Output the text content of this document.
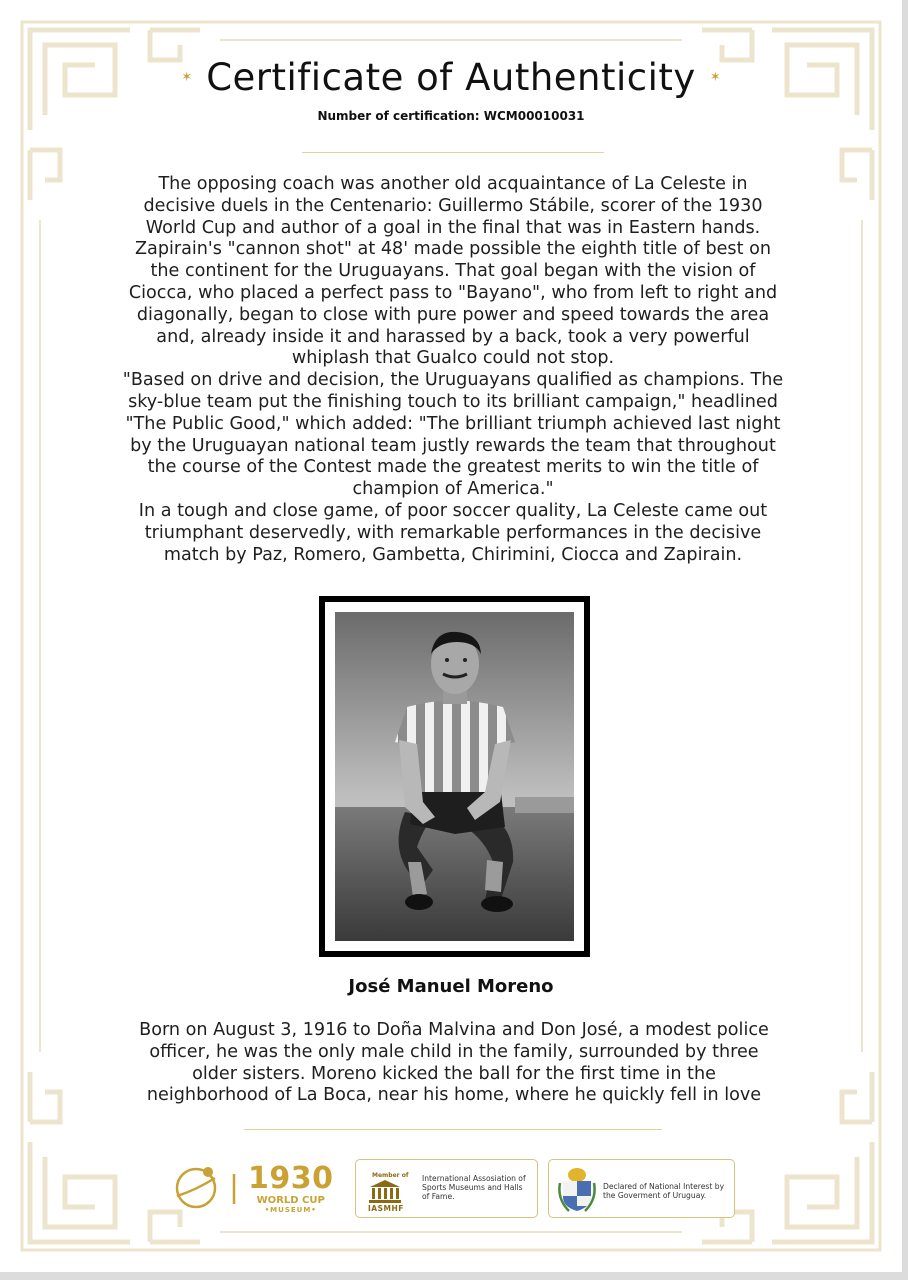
✶ Certificate of Authenticity ✶
Number of certification: WCM00010031

The opposing coach was another old acquaintance of La Celeste in decisive duels in the Centenario: Guillermo Stábile, scorer of the 1930 World Cup and author of a goal in the final that was in Eastern hands. Zapirain's "cannon shot" at 48' made possible the eighth title of best on the continent for the Uruguayans. That goal began with the vision of Ciocca, who placed a perfect pass to "Bayano", who from left to right and diagonally, began to close with pure power and speed towards the area and, already inside it and harassed by a back, took a very powerful whiplash that Gualco could not stop.

"Based on drive and decision, the Uruguayans qualified as champions. The sky-blue team put the finishing touch to its brilliant campaign," headlined "The Public Good," which added: "The brilliant triumph achieved last night by the Uruguayan national team justly rewards the team that throughout the course of the Contest made the greatest merits to win the title of champion of America."

In a tough and close game, of poor soccer quality, La Celeste came out triumphant deservedly, with remarkable performances in the decisive match by Paz, Romero, Gambetta, Chirimini, Ciocca and Zapirain.

José Manuel Moreno
Born on August 3, 1916 to Doña Malvina and Don José, a modest police officer, he was the only male child in the family, surrounded by three older sisters. Moreno kicked the ball for the first time in the neighborhood of La Boca, near his home, where he quickly fell in love
1930
WORLD CUP
•MUSEUM•
Member of
IASMHF
International Assosiation of Sports Museums and Halls of Fame.
Declared of National Interest by the Goverment of Uruguay.
